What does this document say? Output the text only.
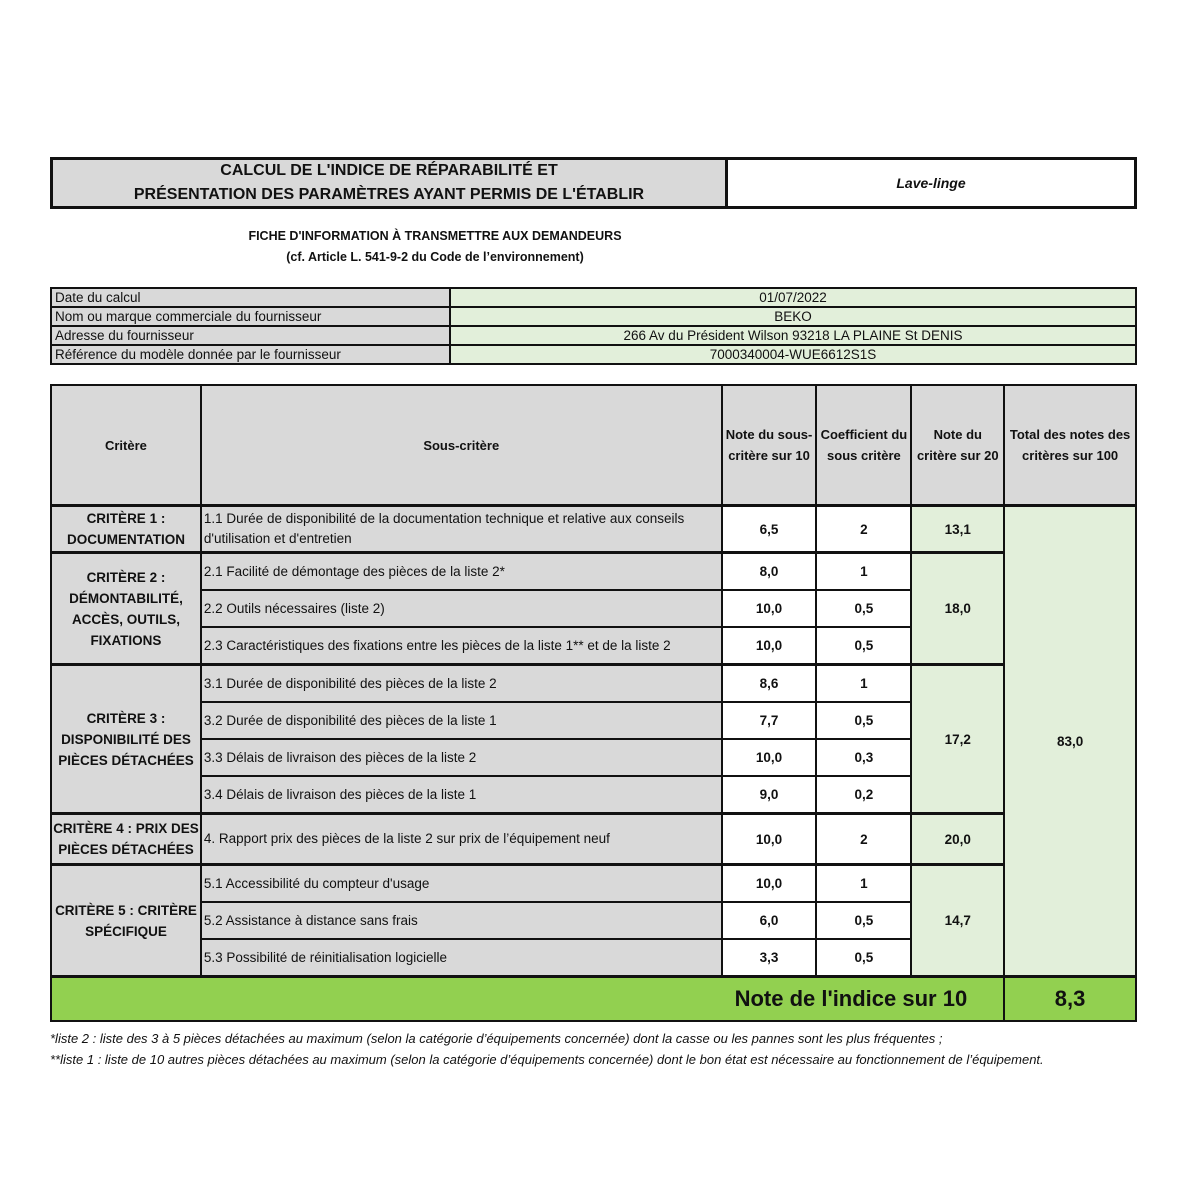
CALCUL DE L'INDICE DE RÉPARABILITÉ ET
PRÉSENTATION DES PARAMÈTRES AYANT PERMIS DE L'ÉTABLIR
Lave-linge
FICHE D'INFORMATION À TRANSMETTRE AUX DEMANDEURS
(cf. Article L. 541-9-2 du Code de l’environnement)
Date du calcul	01/07/2022
Nom ou marque commerciale du fournisseur	BEKO
Adresse du fournisseur	266 Av du Président Wilson 93218 LA PLAINE St DENIS
Référence du modèle donnée par le fournisseur	7000340004-WUE6612S1S
Critère	Sous-critère	Note du sous-critère sur 10	Coefficient du sous critère	Note du critère sur 20	Total des notes des critères sur 100
CRITÈRE 1 : DOCUMENTATION	1.1 Durée de disponibilité de la documentation technique et relative aux conseils d'utilisation et d'entretien	6,5	2	13,1	83,0
CRITÈRE 2 : DÉMONTABILITÉ, ACCÈS, OUTILS, FIXATIONS	2.1 Facilité de démontage des pièces de la liste 2*	8,0	1	18,0	
	2.2 Outils nécessaires (liste 2)	10,0	0,5		
	2.3 Caractéristiques des fixations entre les pièces de la liste 1** et de la liste 2	10,0	0,5		
CRITÈRE 3 : DISPONIBILITÉ DES PIÈCES DÉTACHÉES	3.1 Durée de disponibilité des pièces de la liste 2	8,6	1	17,2	
	3.2 Durée de disponibilité des pièces de la liste 1	7,7	0,5		
	3.3 Délais de livraison des pièces de la liste 2	10,0	0,3		
	3.4 Délais de livraison des pièces de la liste 1	9,0	0,2		
CRITÈRE 4 : PRIX DES PIÈCES DÉTACHÉES	4. Rapport prix des pièces de la liste 2 sur prix de l’équipement neuf	10,0	2	20,0	
CRITÈRE 5 : CRITÈRE SPÉCIFIQUE	5.1 Accessibilité du compteur d'usage	10,0	1	14,7	
	5.2 Assistance à distance sans frais	6,0	0,5		
	5.3 Possibilité de réinitialisation logicielle	3,3	0,5		
Note de l'indice sur 10					8,3
*liste 2 : liste des 3 à 5 pièces détachées au maximum (selon la catégorie d’équipements concernée) dont la casse ou les pannes sont les plus fréquentes ;
**liste 1 : liste de 10 autres pièces détachées au maximum (selon la catégorie d’équipements concernée) dont le bon état est nécessaire au fonctionnement de l’équipement.
